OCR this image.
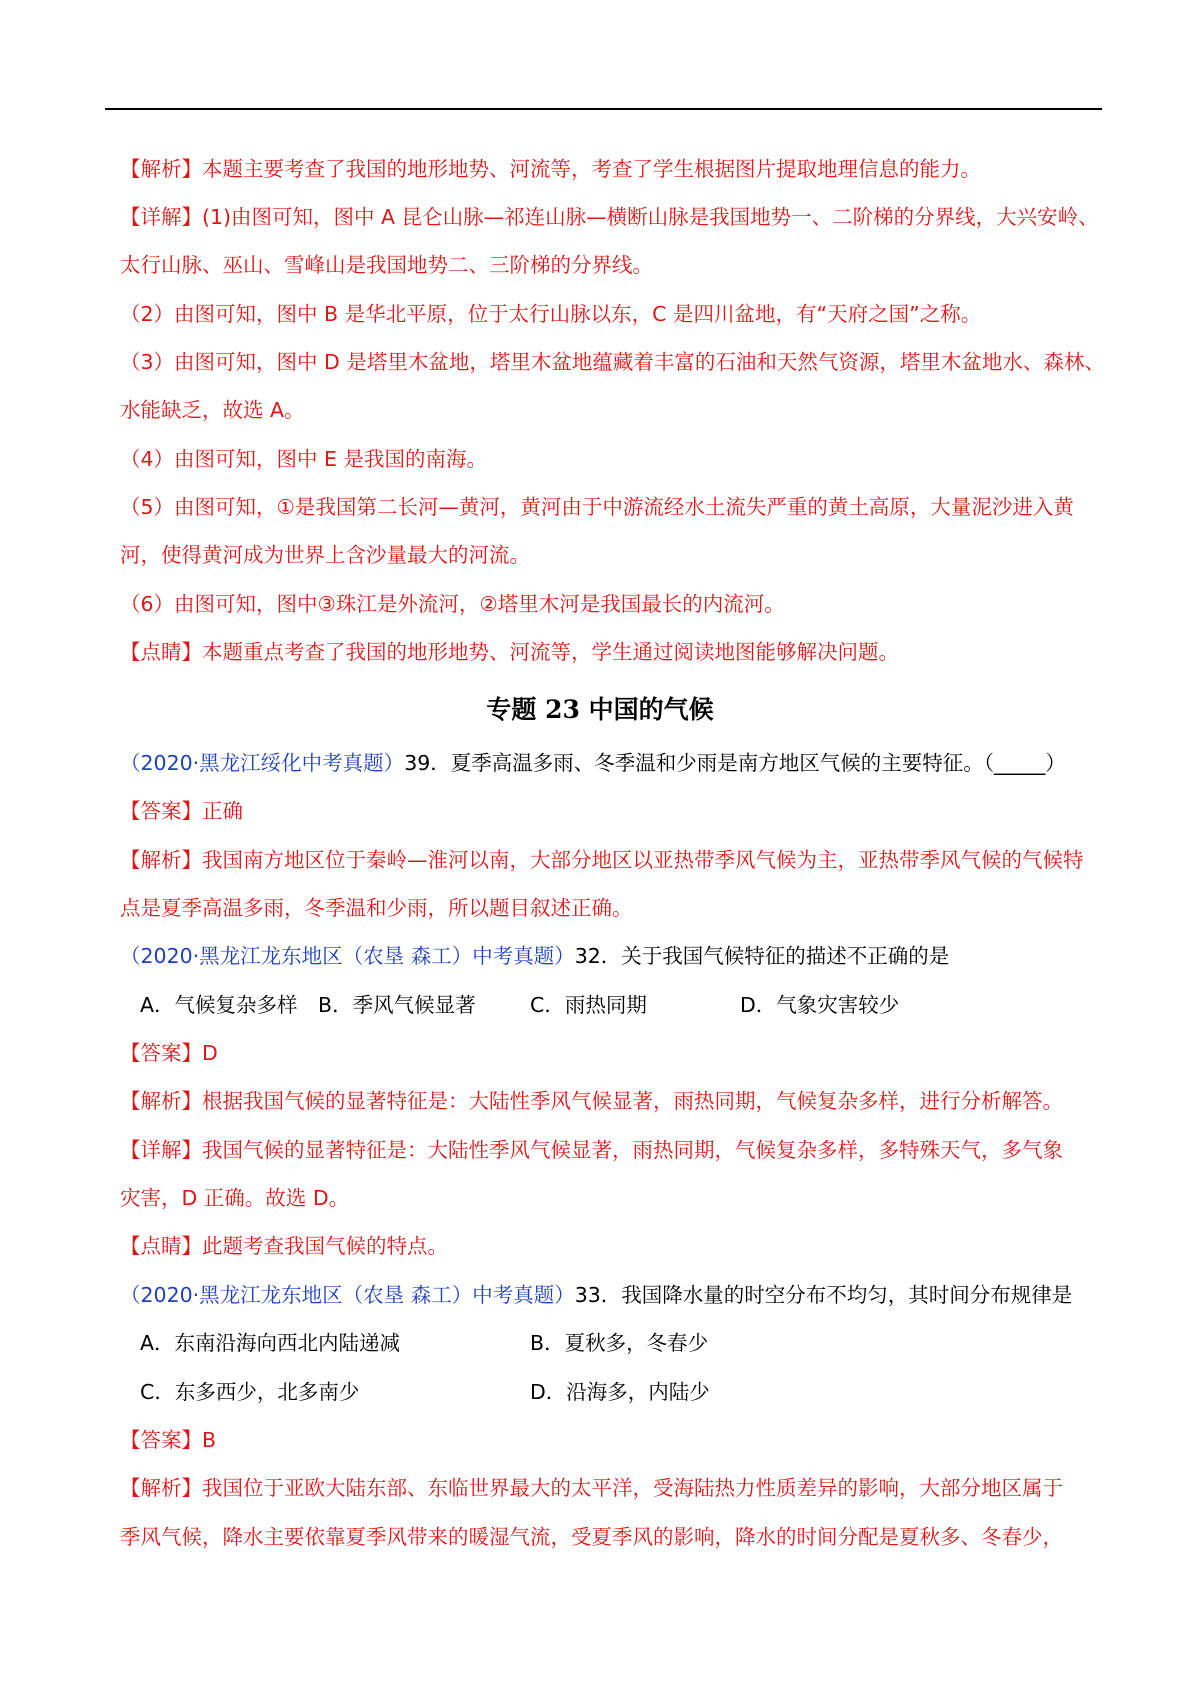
【解析】本题主要考查了我国的地形地势、河流等，考查了学生根据图片提取地理信息的能力。
【详解】(1)由图可知，图中 A 昆仑山脉—祁连山脉—横断山脉是我国地势一、二阶梯的分界线，大兴安岭、
太行山脉、巫山、雪峰山是我国地势二、三阶梯的分界线。
（2）由图可知，图中 B 是华北平原，位于太行山脉以东，C 是四川盆地，有“天府之国”之称。
（3）由图可知，图中 D 是塔里木盆地，塔里木盆地蕴藏着丰富的石油和天然气资源，塔里木盆地水、森林、
水能缺乏，故选 A。
（4）由图可知，图中 E 是我国的南海。
（5）由图可知，①是我国第二长河—黄河，黄河由于中游流经水土流失严重的黄土高原，大量泥沙进入黄
河，使得黄河成为世界上含沙量最大的河流。
（6）由图可知，图中③珠江是外流河，②塔里木河是我国最长的内流河。
【点睛】本题重点考查了我国的地形地势、河流等，学生通过阅读地图能够解决问题。
专题 23 中国的气候
（2020·黑龙江绥化中考真题）39．夏季高温多雨、冬季温和少雨是南方地区气候的主要特征。（_____）
【答案】正确
【解析】我国南方地区位于秦岭—淮河以南，大部分地区以亚热带季风气候为主，亚热带季风气候的气候特
点是夏季高温多雨，冬季温和少雨，所以题目叙述正确。
（2020·黑龙江龙东地区（农垦 森工）中考真题）32．关于我国气候特征的描述不正确的是
A．气候复杂多样 B．季风气候显著	C．雨热同期	D．气象灾害较少
【答案】D
【解析】根据我国气候的显著特征是：大陆性季风气候显著，雨热同期，气候复杂多样，进行分析解答。
【详解】我国气候的显著特征是：大陆性季风气候显著，雨热同期，气候复杂多样，多特殊天气，多气象
灾害，D 正确。故选 D。
【点睛】此题考查我国气候的特点。
（2020·黑龙江龙东地区（农垦 森工）中考真题）33．我国降水量的时空分布不均匀，其时间分布规律是
A．东南沿海向西北内陆递减	B．夏秋多，冬春少
C．东多西少，北多南少	D．沿海多，内陆少
【答案】B
【解析】我国位于亚欧大陆东部、东临世界最大的太平洋，受海陆热力性质差异的影响，大部分地区属于
季风气候，降水主要依靠夏季风带来的暖湿气流，受夏季风的影响，降水的时间分配是夏秋多、冬春少，
